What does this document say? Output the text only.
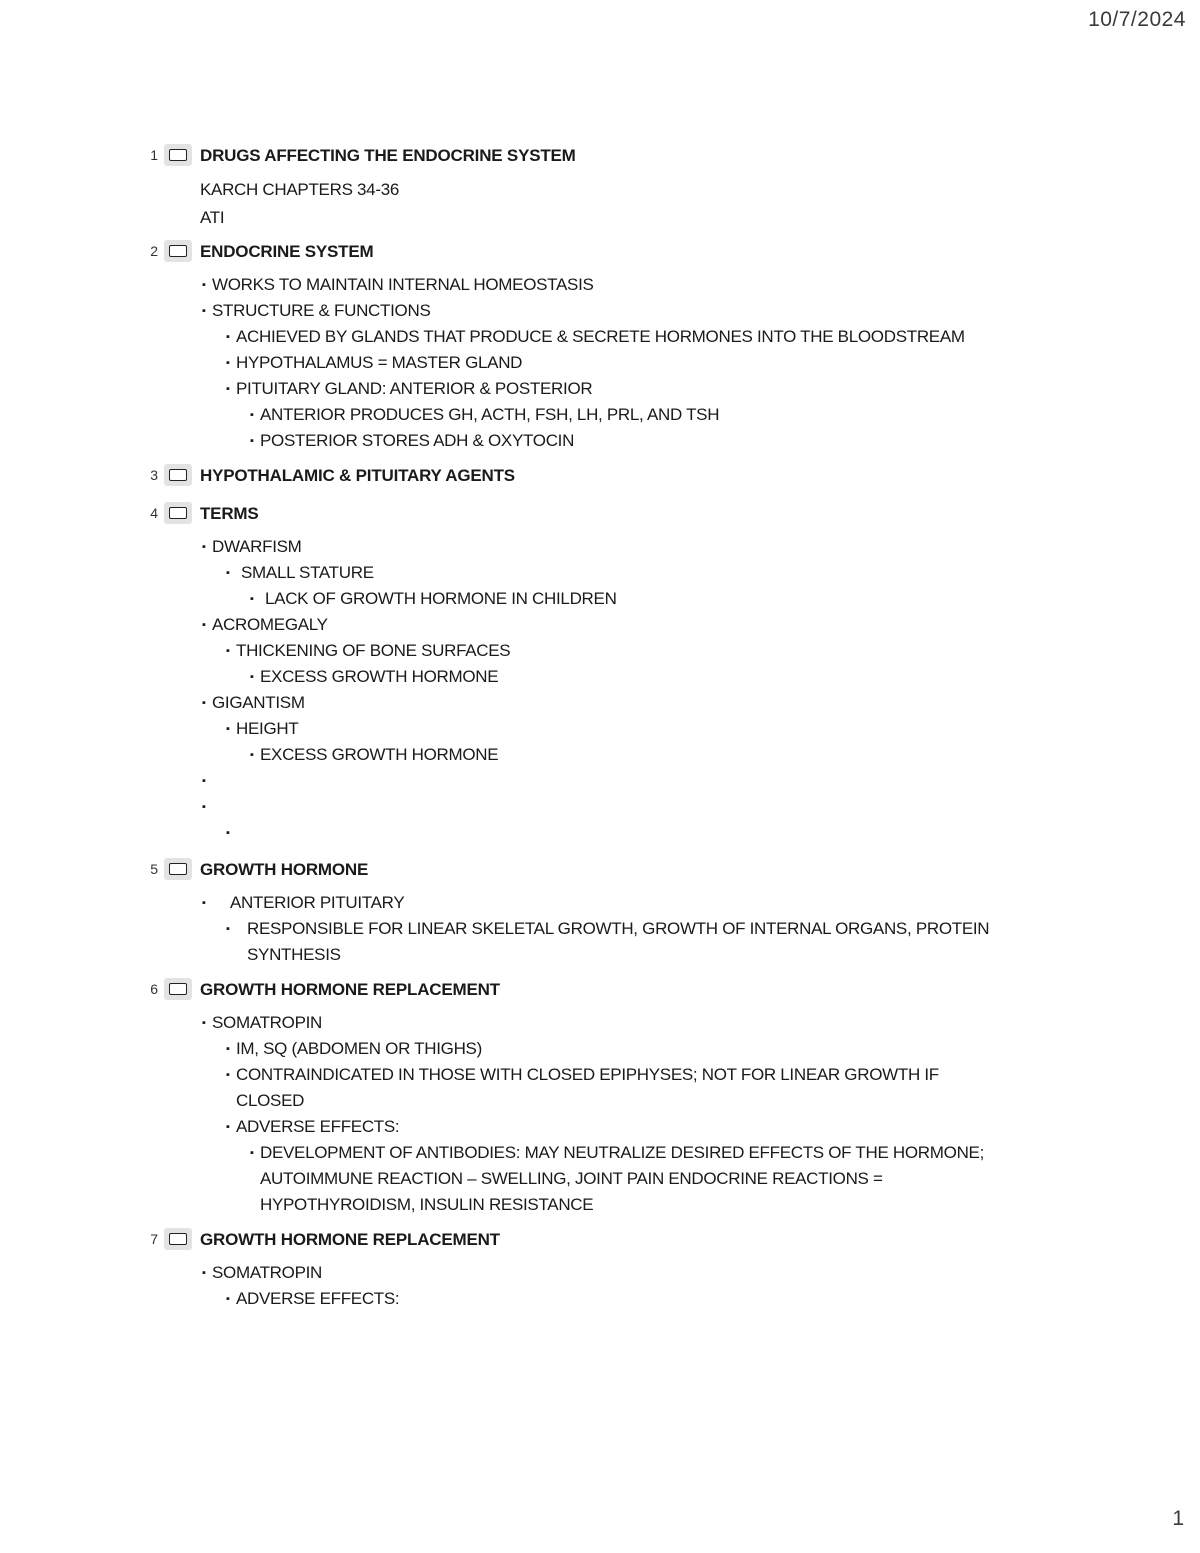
10/7/2024
1 DRUGS AFFECTING THE ENDOCRINE SYSTEM
KARCH CHAPTERS 34-36
ATI
2 ENDOCRINE SYSTEM
▪ WORKS TO MAINTAIN INTERNAL HOMEOSTASIS
▪ STRUCTURE & FUNCTIONS
▪ ACHIEVED BY GLANDS THAT PRODUCE & SECRETE HORMONES INTO THE BLOODSTREAM
▪ HYPOTHALAMUS = MASTER GLAND
▪ PITUITARY GLAND: ANTERIOR & POSTERIOR
▪ ANTERIOR PRODUCES GH, ACTH, FSH, LH, PRL, AND TSH
▪ POSTERIOR STORES ADH & OXYTOCIN
3 HYPOTHALAMIC & PITUITARY AGENTS
4 TERMS
▪ DWARFISM
▪ SMALL STATURE
▪ LACK OF GROWTH HORMONE IN CHILDREN
▪ ACROMEGALY
▪ THICKENING OF BONE SURFACES
▪ EXCESS GROWTH HORMONE
▪ GIGANTISM
▪ HEIGHT
▪ EXCESS GROWTH HORMONE
▪
▪
▪
5 GROWTH HORMONE
▪ ANTERIOR PITUITARY
▪ RESPONSIBLE FOR LINEAR SKELETAL GROWTH, GROWTH OF INTERNAL ORGANS, PROTEIN SYNTHESIS
6 GROWTH HORMONE REPLACEMENT
▪ SOMATROPIN
▪ IM, SQ (ABDOMEN OR THIGHS)
▪ CONTRAINDICATED IN THOSE WITH CLOSED EPIPHYSES; NOT FOR LINEAR GROWTH IF CLOSED
▪ ADVERSE EFFECTS:
▪ DEVELOPMENT OF ANTIBODIES: MAY NEUTRALIZE DESIRED EFFECTS OF THE HORMONE; AUTOIMMUNE REACTION – SWELLING, JOINT PAIN ENDOCRINE REACTIONS = HYPOTHYROIDISM, INSULIN RESISTANCE
7 GROWTH HORMONE REPLACEMENT
▪ SOMATROPIN
▪ ADVERSE EFFECTS:
1
